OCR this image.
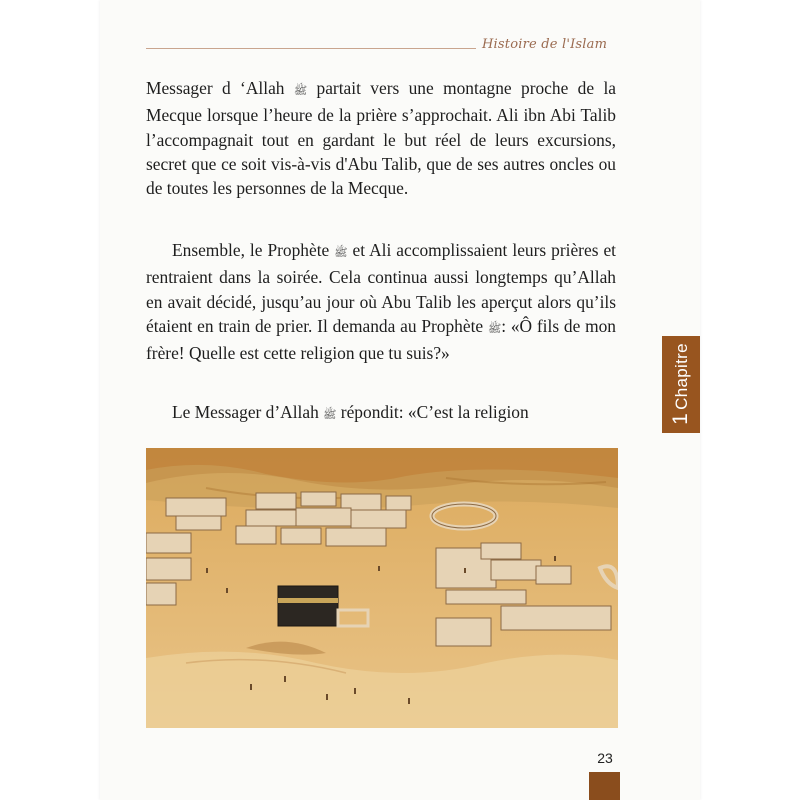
Histoire de l'Islam
Messager d ‘Allah ﷺ partait vers une montagne proche de la Mecque lorsque l’heure de la prière s’approchait. Ali ibn Abi Talib l’accompagnait tout en gardant le but réel de leurs excursions, secret que ce soit vis-à-vis d'Abu Talib, que de ses autres oncles ou de toutes les personnes de la Mecque.
Ensemble, le Prophète ﷺ et Ali accomplissaient leurs prières et rentraient dans la soirée. Cela continua aussi longtemps qu’Allah en avait décidé, jusqu’au jour où Abu Talib les aperçut alors qu’ils étaient en train de prier. Il demanda au Prophète ﷺ: «Ô fils de mon frère! Quelle est cette religion que tu suis?»
Le Messager d’Allah ﷺ répondit: «C’est la religion	1Chapitre
23
